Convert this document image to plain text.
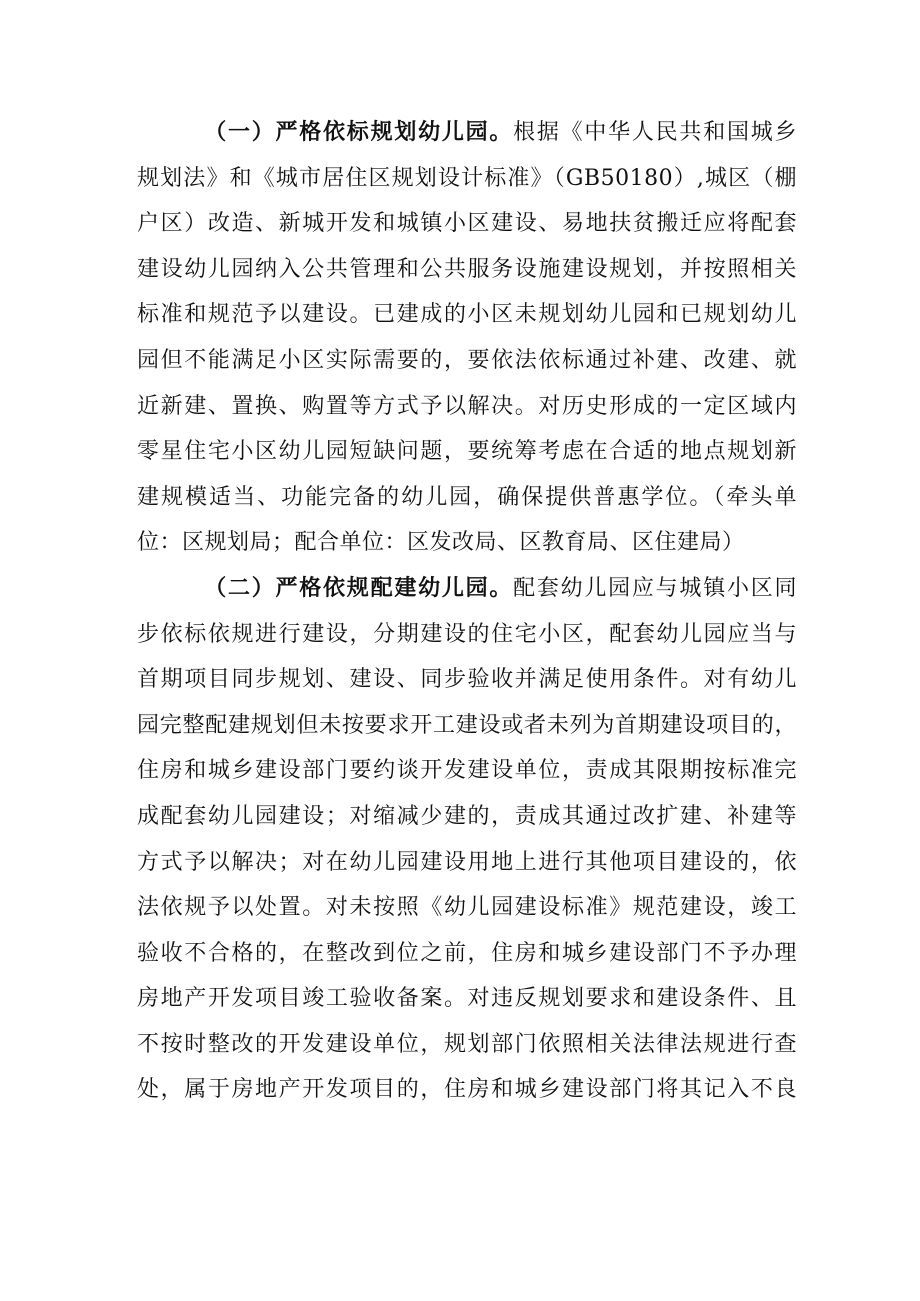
（一）严格依标规划幼儿园。根据《中华人民共和国城乡
规划法》和《城市居住区规划设计标准》（GB50180）,城区（棚
户区）改造、新城开发和城镇小区建设、易地扶贫搬迁应将配套
建设幼儿园纳入公共管理和公共服务设施建设规划，并按照相关
标准和规范予以建设。已建成的小区未规划幼儿园和已规划幼儿
园但不能满足小区实际需要的，要依法依标通过补建、改建、就
近新建、置换、购置等方式予以解决。对历史形成的一定区域内
零星住宅小区幼儿园短缺问题，要统筹考虑在合适的地点规划新
建规模适当、功能完备的幼儿园，确保提供普惠学位。（牵头单
位：区规划局；配合单位：区发改局、区教育局、区住建局）
（二）严格依规配建幼儿园。配套幼儿园应与城镇小区同
步依标依规进行建设，分期建设的住宅小区，配套幼儿园应当与
首期项目同步规划、建设、同步验收并满足使用条件。对有幼儿
园完整配建规划但未按要求开工建设或者未列为首期建设项目的，
住房和城乡建设部门要约谈开发建设单位，责成其限期按标准完
成配套幼儿园建设；对缩减少建的，责成其通过改扩建、补建等
方式予以解决；对在幼儿园建设用地上进行其他项目建设的，依
法依规予以处置。对未按照《幼儿园建设标准》规范建设，竣工
验收不合格的，在整改到位之前，住房和城乡建设部门不予办理
房地产开发项目竣工验收备案。对违反规划要求和建设条件、且
不按时整改的开发建设单位，规划部门依照相关法律法规进行查
处，属于房地产开发项目的，住房和城乡建设部门将其记入不良
